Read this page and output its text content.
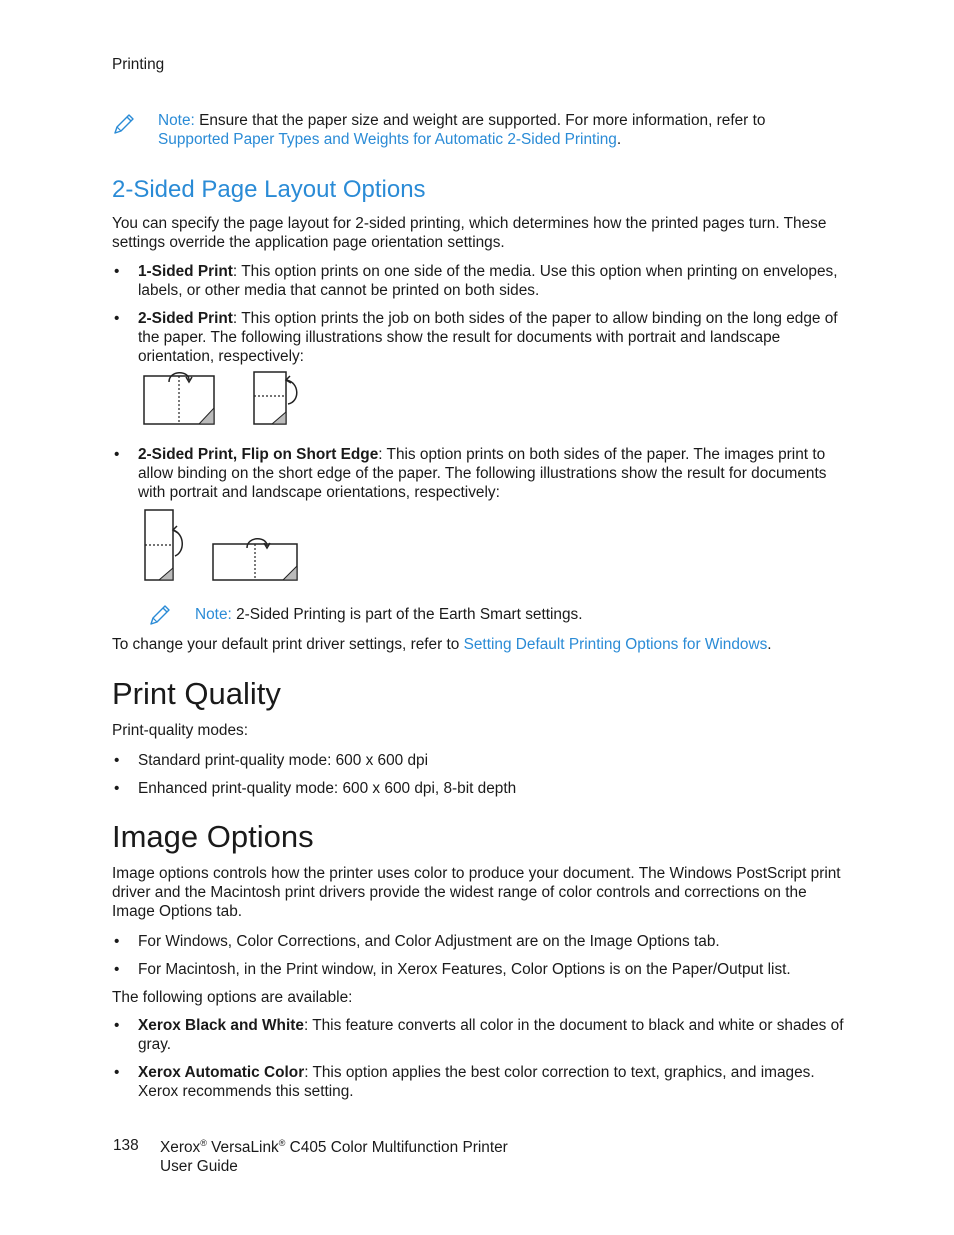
Printing
Note: Ensure that the paper size and weight are supported. For more information, refer to
Supported Paper Types and Weights for Automatic 2-Sided Printing.
2-Sided Page Layout Options
You can specify the page layout for 2-sided printing, which determines how the printed pages turn. These settings override the application page orientation settings.
• 1-Sided Print: This option prints on one side of the media. Use this option when printing on envelopes, labels, or other media that cannot be printed on both sides.
• 2-Sided Print: This option prints the job on both sides of the paper to allow binding on the long edge of the paper. The following illustrations show the result for documents with portrait and landscape orientation, respectively:
• 2-Sided Print, Flip on Short Edge: This option prints on both sides of the paper. The images print to allow binding on the short edge of the paper. The following illustrations show the result for documents with portrait and landscape orientations, respectively:
Note: 2-Sided Printing is part of the Earth Smart settings.
To change your default print driver settings, refer to Setting Default Printing Options for Windows.
Print Quality
Print-quality modes:
• Standard print-quality mode: 600 x 600 dpi
• Enhanced print-quality mode: 600 x 600 dpi, 8-bit depth
Image Options
Image options controls how the printer uses color to produce your document. The Windows PostScript print driver and the Macintosh print drivers provide the widest range of color controls and corrections on the Image Options tab.
• For Windows, Color Corrections, and Color Adjustment are on the Image Options tab.
• For Macintosh, in the Print window, in Xerox Features, Color Options is on the Paper/Output list.
The following options are available:
• Xerox Black and White: This feature converts all color in the document to black and white or shades of gray.
• Xerox Automatic Color: This option applies the best color correction to text, graphics, and images. Xerox recommends this setting.
138 Xerox® VersaLink® C405 Color Multifunction Printer
User Guide
